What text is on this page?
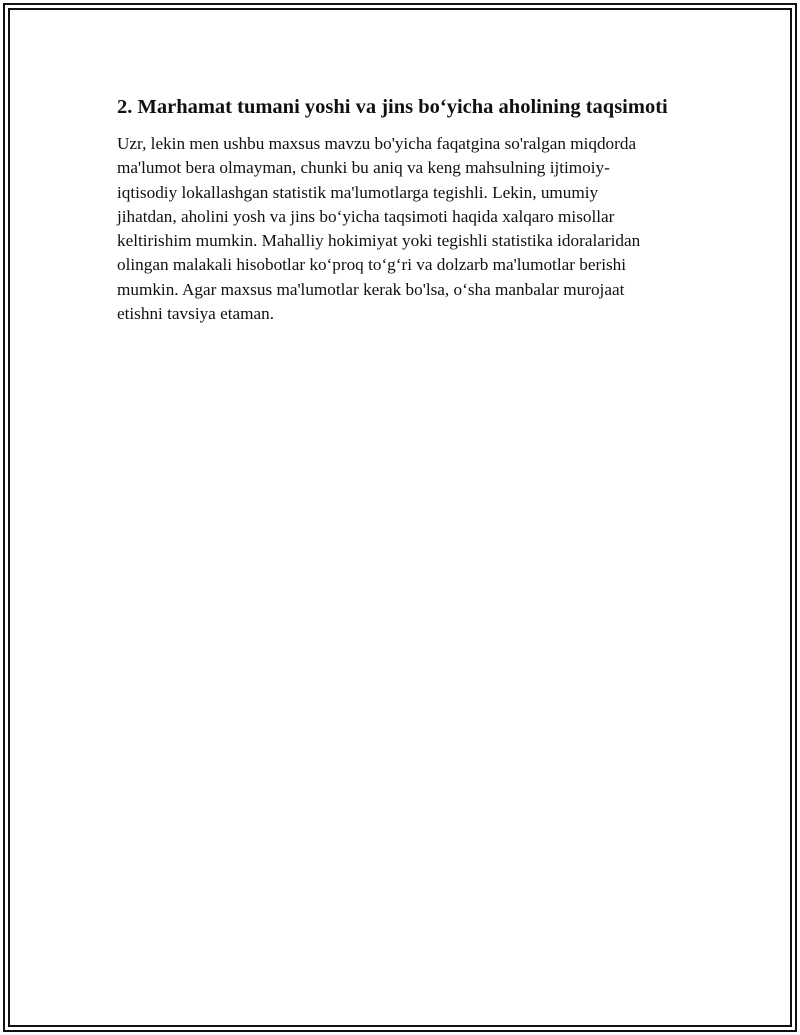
2. Marhamat tumani yoshi va jins bo‘yicha aholining taqsimoti

Uzr, lekin men ushbu maxsus mavzu bo'yicha faqatgina so'ralgan miqdorda
ma'lumot bera olmayman, chunki bu aniq va keng mahsulning ijtimoiy-
iqtisodiy lokallashgan statistik ma'lumotlarga tegishli. Lekin, umumiy
jihatdan, aholini yosh va jins bo‘yicha taqsimoti haqida xalqaro misollar
keltirishim mumkin. Mahalliy hokimiyat yoki tegishli statistika idoralaridan
olingan malakali hisobotlar ko‘proq to‘g‘ri va dolzarb ma'lumotlar berishi
mumkin. Agar maxsus ma'lumotlar kerak bo'lsa, o‘sha manbalar murojaat
etishni tavsiya etaman.
